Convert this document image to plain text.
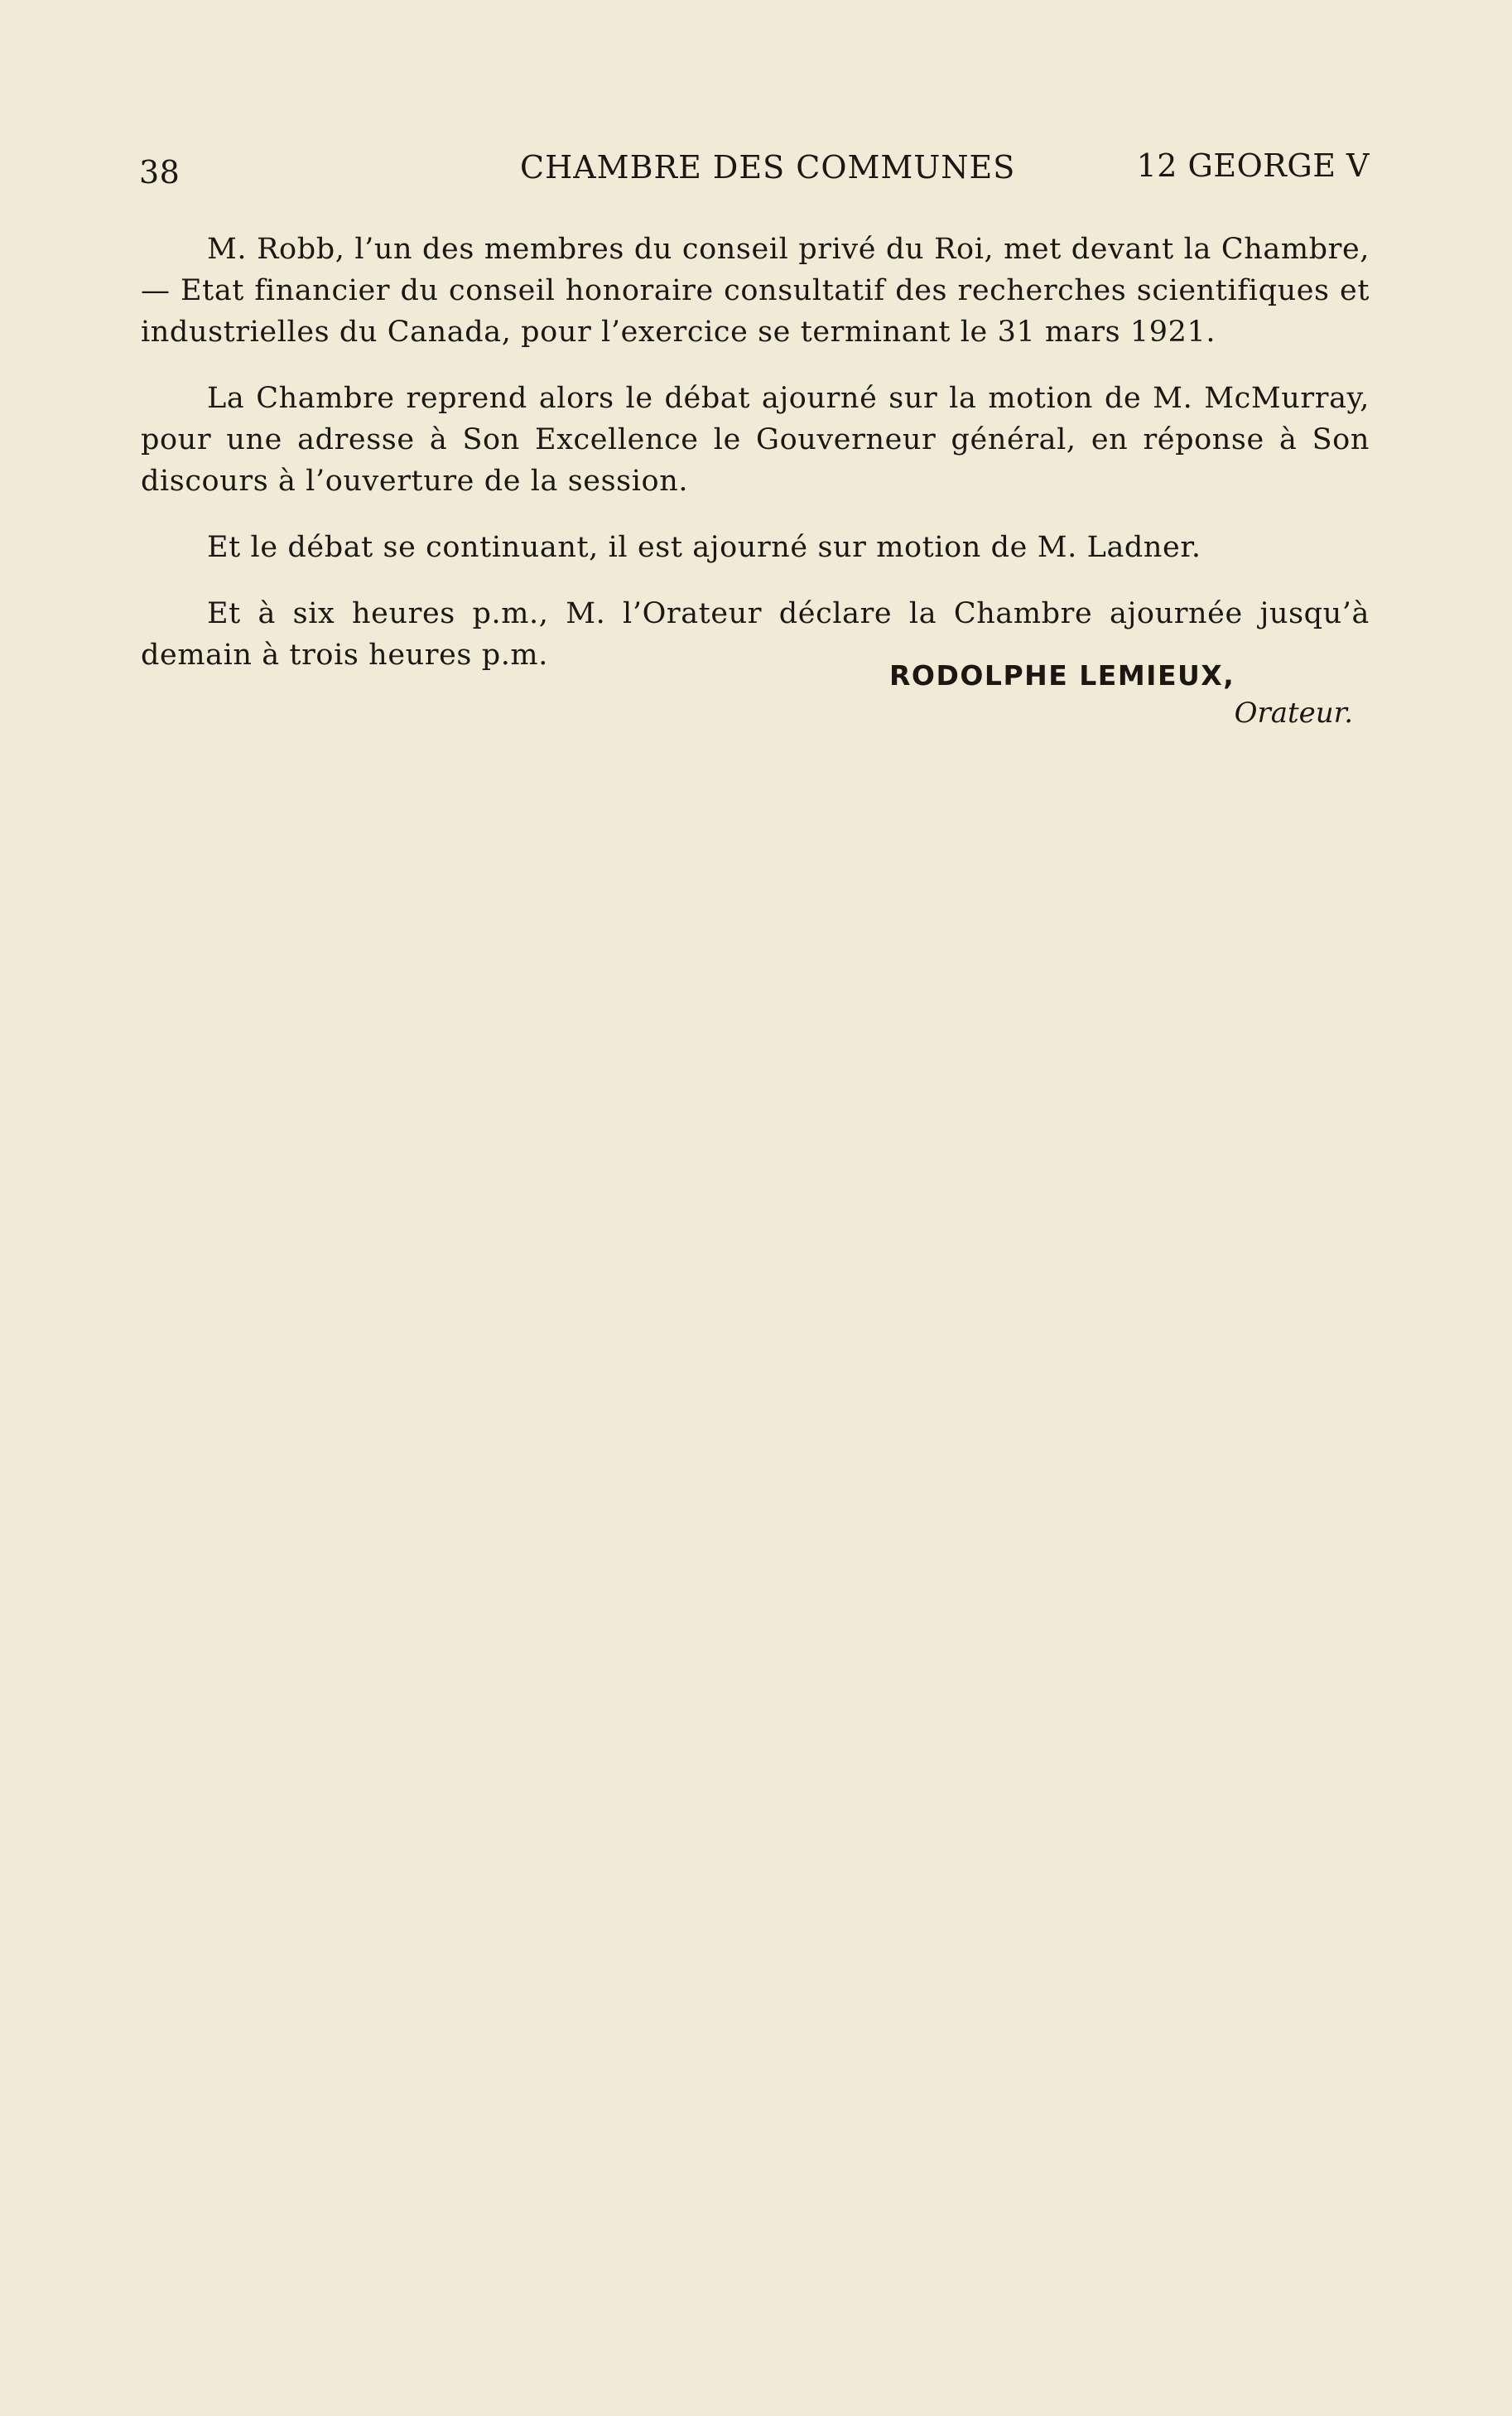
38	CHAMBRE DES COMMUNES	12 GEORGE V

M. Robb, l’un des membres du conseil privé du Roi, met devant la Chambre,— Etat financier du conseil honoraire consultatif des recherches scientifiques et industrielles du Canada, pour l’exercice se terminant le 31 mars 1921.

La Chambre reprend alors le débat ajourné sur la motion de M. McMurray, pour une adresse à Son Excellence le Gouverneur général, en réponse à Son discours à l’ouverture de la session.

Et le débat se continuant, il est ajourné sur motion de M. Ladner.

Et à six heures p.m., M. l’Orateur déclare la Chambre ajournée jusqu’à demain à trois heures p.m.

RODOLPHE LEMIEUX,
Orateur.
